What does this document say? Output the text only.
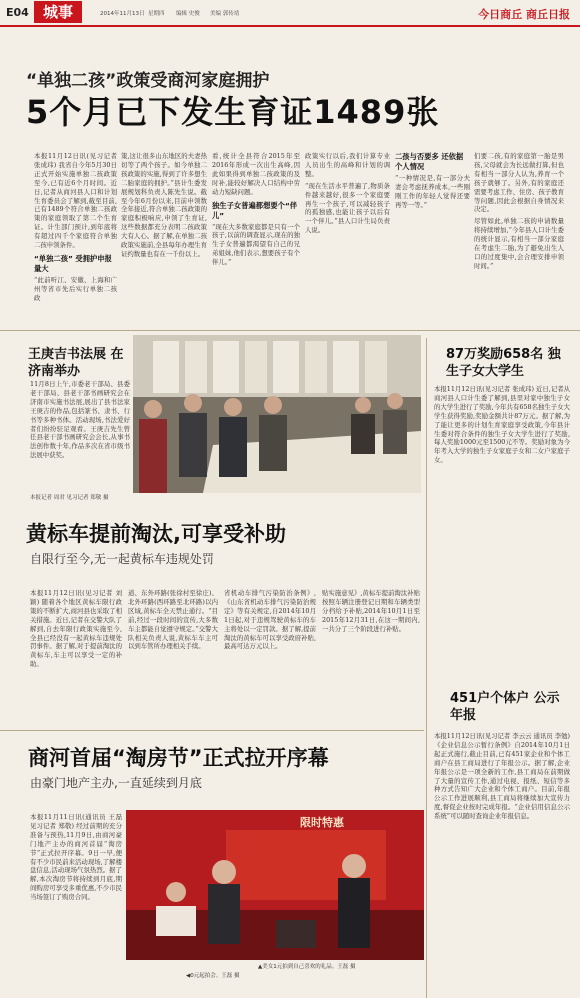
E04 城事	2014年11月13日 星期四 编辑 史俊 美编 郭传靖	今日商丘 商丘日报
“单独二孩”政策受商河家庭拥护
5个月已下发生育证1489张
本报11月12日讯(见习记者 张成玮) 我省自今年5月30日正式开始实施单独二孩政策至今,已有近6个月时间。近日,记者从商河县人口和计划生育委员会了解到,截至目前,已有1489个符合单独二孩政策的家庭领取了第二个生育证。计生部门预计,到年底将有超过四千个家庭符合单独二孩申领条件。
“单独二孩” 受拥护申报量大
“此前听江、安徽、上海和广州等省市先后实行单独二孩政
策,这让很多山东地区的夫妻热切等了两个孩子。如今单独二孩政策的实施,得到了许多想生二胎家庭的拥护。”县计生委发展规划科负责人陈先生说。截至今年6月份以来,目前申领数全年接近,符合单独二孩政策的家庭积极响应,申领了生育证,这些数据都充分表明二孩政策大有人心。据了解,在单独二孩政策实施前,全县每年办理生育证约数量也有在一千份以上。
看,统计全县符合2015年至2016年形成一次出生高峰,因此如果得到单独二孩政策的及时补,能较好解决人口结构中劳动力短缺问题。
独生子女普遍都想要个“伴儿”
“现在大多数家庭都是只有一个孩子,以前的调查显示,现在的独生子女普遍都渴望有自己的兄弟姐妹,他们表示,想要孩子有个伴儿。”
政策实行以后,我们计算专业人员出生的高峰和计划的调整。
“现在生活水平普遍了,物质条件越来越好,很多一个家庭要再生一个孩子,可以减轻孩子的孤独感,也能让孩子以后有一个伴儿。”县人口计生局负责人说。
二孩与否要多 还依据个人情况
“一种情况是,有一部分夫妻会考虑抚养成本,一些刚刚工作的年轻人觉得还要再等一等。”
们要二孩,有的家庭第一胎是男孩,父母就会为长远做打算,但也有相当一部分人认为,养育一个孩子就够了。另外,有的家庭还需要考虑工作、住房、孩子教育等问题,因此会根据自身情况来决定。
尽管如此,单独二孩的申请数量将持续增加,“今年县人口计生委的统计显示,有相当一部分家庭在考虑生二胎,为了避免出生人口的过度集中,会合理安排申领时间。”
王庚吉书法展 在济南举办
11月8日上午,市委老干部局、县委老干部局、县老干部书画研究会在济南市实施书法展,展出了县书法家王庚吉的作品,包括篆书、隶书、行书等多种书体。活动现场,书法爱好者们纷纷驻足观看。王庚吉先生曾任县老干部书画研究会会长,从事书法创作数十年,作品多次在省市级书法展中获奖。
本报记者 周君 见习记者 郑敬 摄
87万奖励658名 独生子女大学生
本报11月12日讯(见习记者 张成玮) 近日,记者从商河县人口计生委了解到,县里对家中独生子女的大学生进行了奖励,今年共有658名独生子女大学生获得奖励,奖励金额共计87万元。据了解,为了能让更多的计划生育家庭享受政策,今年县计生委对符合条件的独生子女大学生进行了奖励,每人奖励1000元至1500元不等。奖励对象为今年考入大学的独生子女家庭子女和二女户家庭子女。
黄标车提前淘汰,可享受补助
自限行至今,无一起黄标车违规处罚
本报11月12日讯(见习记者 刘颖) 随着各个地区黄标车限行政策的不断扩大,商河县也采取了相关措施。近日,记者在交警大队了解到,自去年限行政策实施至今,全县已经没有一起黄标车违规处罚事件。据了解,对于提前淘汰的黄标车,车主可以享受一定的补助。
道、东外环路(张徐村至徐庄)、北外环路(西环路至北环路)以内区域,黄标车全天禁止通行。“目前,经过一段时间的宣传,大多数车主都能自觉遵守规定。”交警大队相关负责人说,黄标车车主可以到车管所办理相关手续。
省机动车排气污染防治条例》,《山东省机动车排气污染防治规定》等有关规定,自2014年10月1日起,对于违规驾驶黄标车的车主将处以一定罚款。据了解,提前淘汰的黄标车可以享受政府补贴,最高可达万元以上。
贴实施意见》,黄标车提前淘汰补贴按照车辆注册登记日期和车辆类型分档给予补贴,2014年10月1日至2015年12月31日,在这一期间内,一共分了三个阶段进行补贴。
451户个体户 公示年报
本报11月12日讯(见习记者 李云云 通讯员 李勉) 《企业信息公示暂行条例》自2014年10月1日起正式施行,截止目前,已有451家企业和个体工商户在县工商局进行了年报公示。据了解,企业年报公示是一项全新的工作,县工商局在前期做了大量的宣传工作,通过电视、报纸、短信等多种方式告知广大企业和个体工商户。目前,年报公示工作进展顺利,县工商局将继续加大宣传力度,督促企业按时完成年报。“企业信用信息公示系统”可以随时查询企业年报信息。
商河首届“淘房节”正式拉开序幕
由豪门地产主办,一直延续到月底
本报11月11日讯(通讯员 王磊 见习记者 郑敬) 经过前期的充分准备与预热,11月9日,由商河豪门地产主办的商河首届“淘房节”正式拉开序幕。9日一早,便有不少市民前来活动现场,了解楼盘信息,活动现场气氛热烈。据了解,本次淘房节将持续到月底,期间购房可享受多重优惠,不少市民当场签订了购房合同。
限时特惠
▲美女1元拍到自己喜欢的礼品。王磊 摄
◀0元起拍会。王磊 摄
